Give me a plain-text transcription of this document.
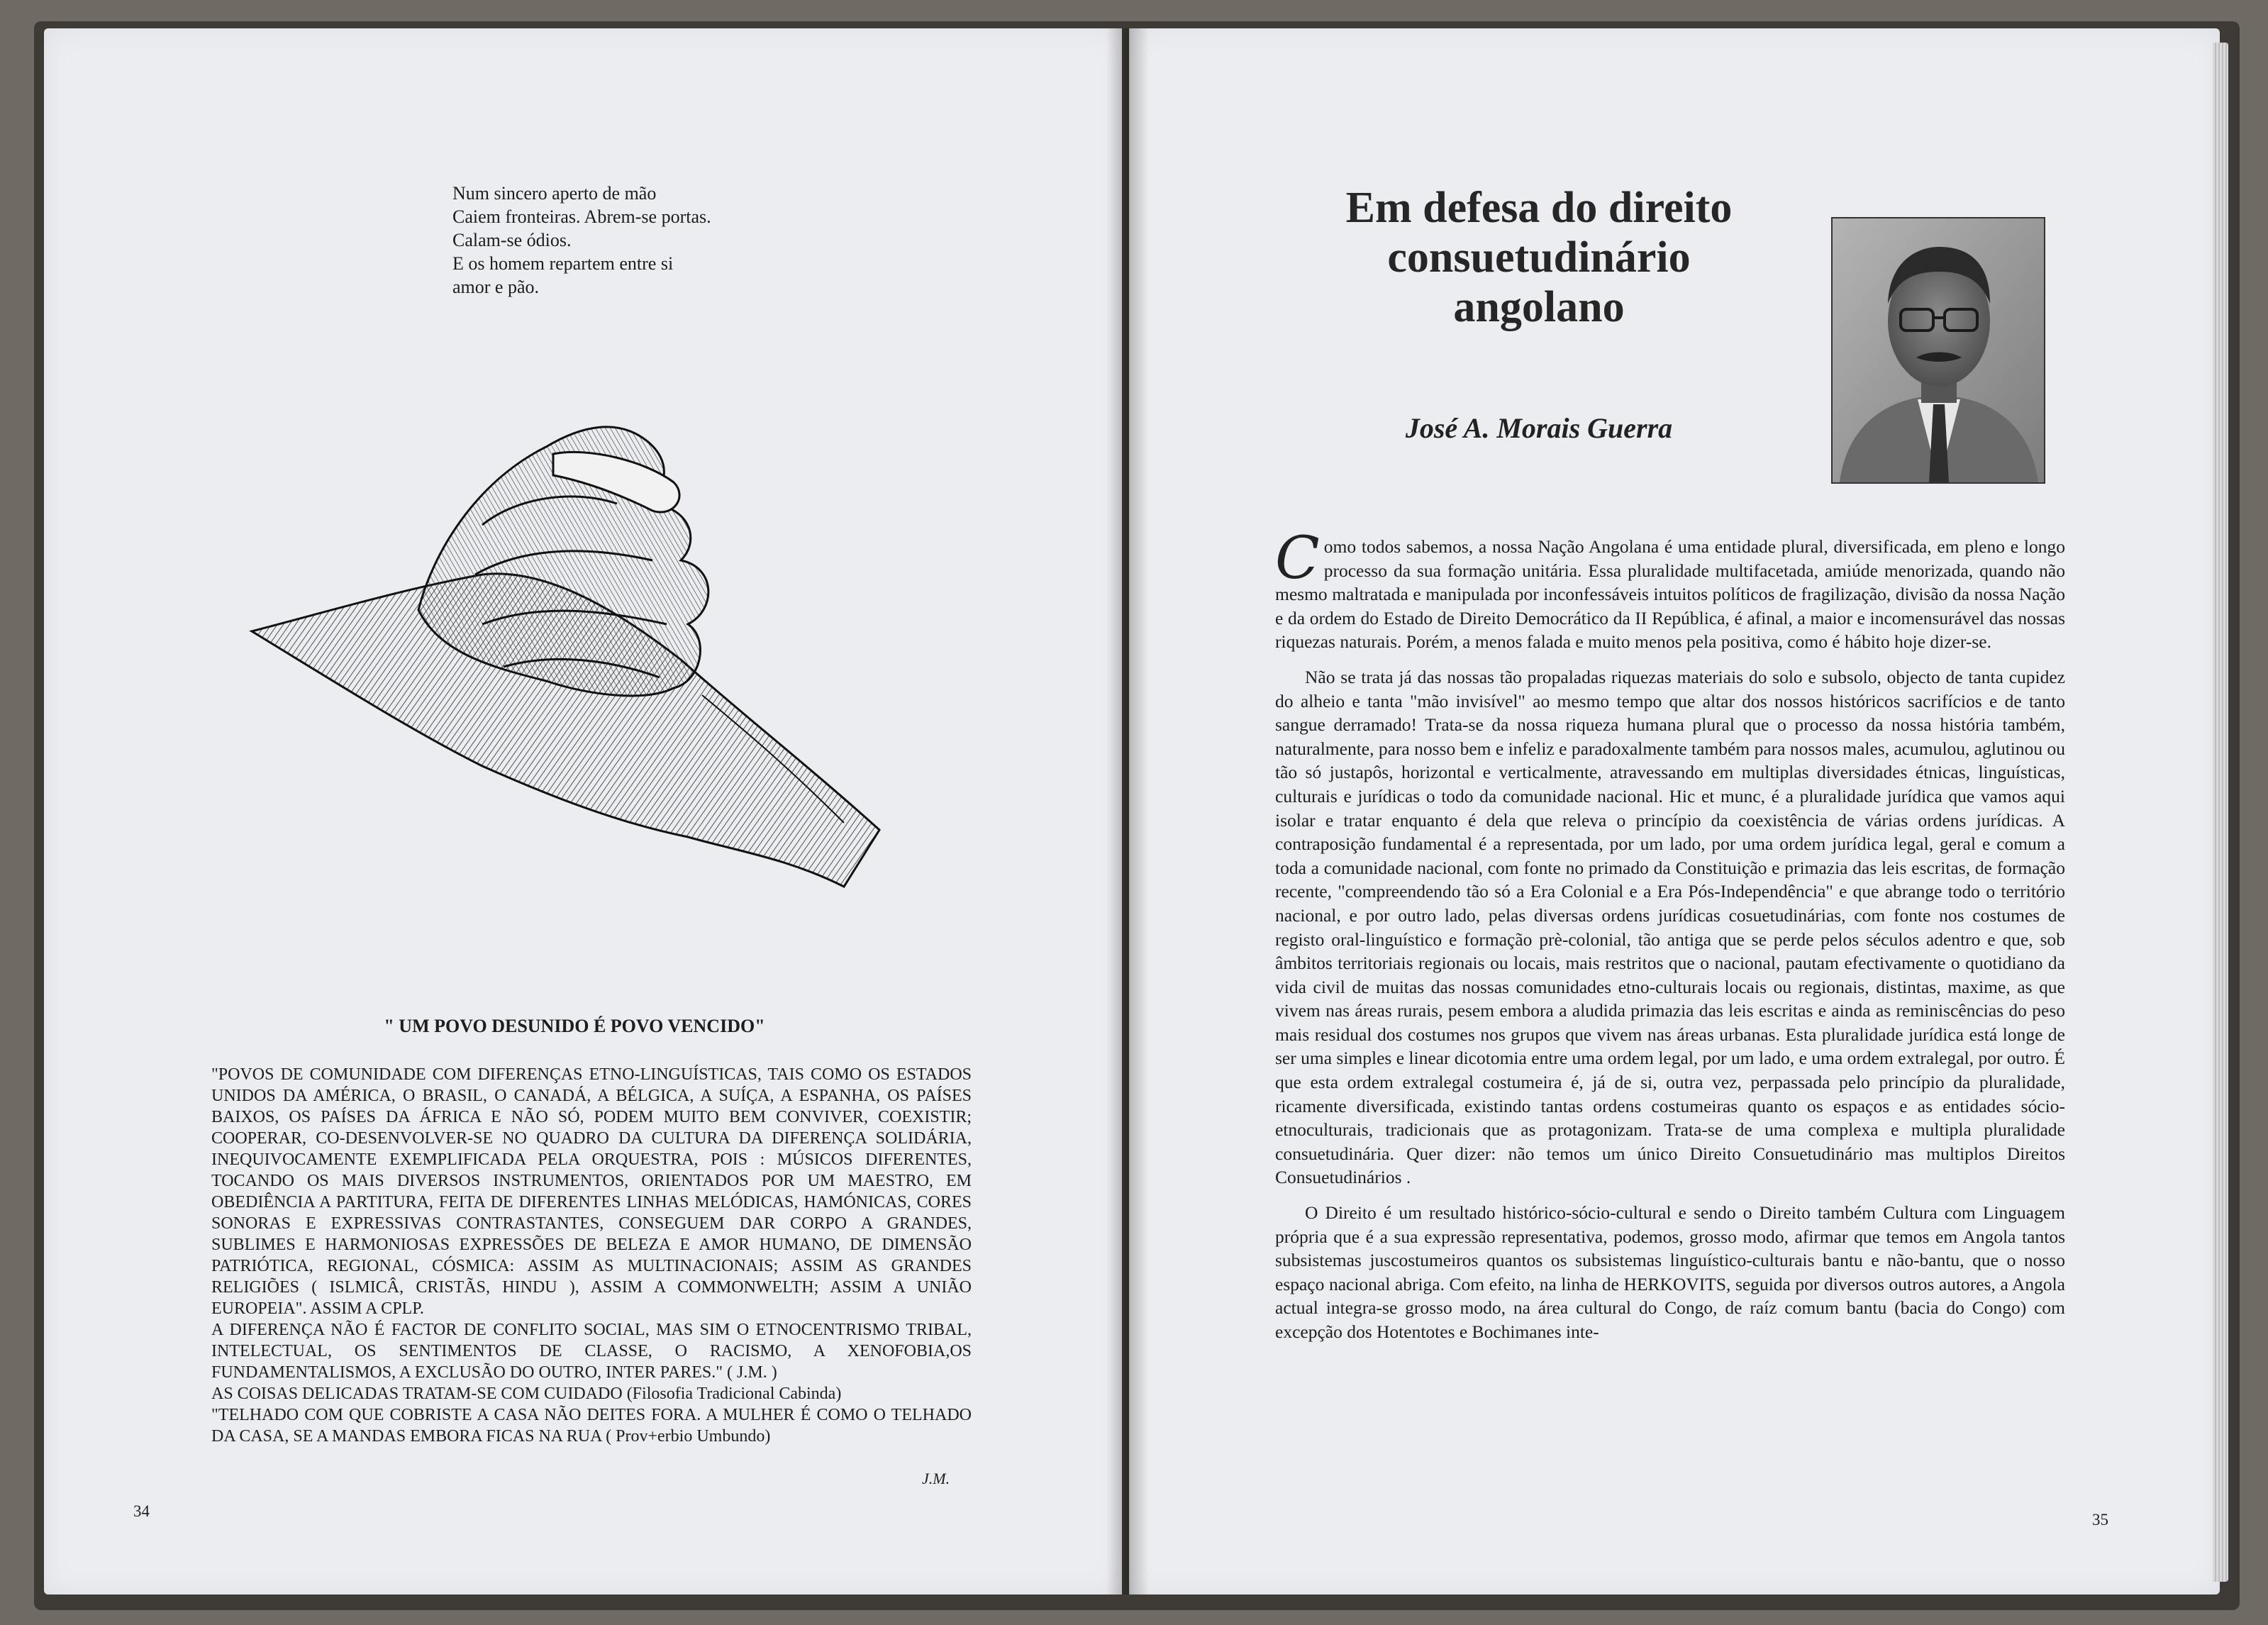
Num sincero aperto de mão
Caiem fronteiras. Abrem-se portas.
Calam-se ódios.
E os homem repartem entre si
amor e pão.
" UM POVO DESUNIDO É POVO VENCIDO"

"POVOS DE COMUNIDADE COM DIFERENÇAS ETNO-LINGUÍSTICAS, TAIS COMO OS ESTADOS UNIDOS DA AMÉRICA, O BRASIL, O CANADÁ, A BÉLGICA, A SUÍÇA, A ESPANHA, OS PAÍSES BAIXOS, OS PAÍSES DA ÁFRICA E NÃO SÓ, PODEM MUITO BEM CONVIVER, COEXISTIR; COOPERAR, CO-DESENVOLVER-SE NO QUADRO DA CULTURA DA DIFERENÇA SOLIDÁRIA, INEQUIVOCAMENTE EXEMPLIFICADA PELA ORQUESTRA, POIS : MÚSICOS DIFERENTES, TOCANDO OS MAIS DIVERSOS INSTRUMENTOS, ORIENTADOS POR UM MAESTRO, EM OBEDIÊNCIA A PARTITURA, FEITA DE DIFERENTES LINHAS MELÓDICAS, HAMÓNICAS, CORES SONORAS E EXPRESSIVAS CONTRASTANTES, CONSEGUEM DAR CORPO A GRANDES, SUBLIMES E HARMONIOSAS EXPRESSÕES DE BELEZA E AMOR HUMANO, DE DIMENSÃO PATRIÓTICA, REGIONAL, CÓSMICA: ASSIM AS MULTINACIONAIS; ASSIM AS GRANDES RELIGIÕES ( ISLMICÂ, CRISTÃS, HINDU ), ASSIM A COMMONWELTH; ASSIM A UNIÃO EUROPEIA". ASSIM A CPLP.

A DIFERENÇA NÃO É FACTOR DE CONFLITO SOCIAL, MAS SIM O ETNOCENTRISMO TRIBAL, INTELECTUAL, OS SENTIMENTOS DE CLASSE, O RACISMO, A XENOFOBIA,OS FUNDAMENTALISMOS, A EXCLUSÃO DO OUTRO, INTER PARES." ( J.M. )

AS COISAS DELICADAS TRATAM-SE COM CUIDADO (Filosofia Tradicional Cabinda)

"TELHADO COM QUE COBRISTE A CASA NÃO DEITES FORA. A MULHER É COMO O TELHADO DA CASA, SE A MANDAS EMBORA FICAS NA RUA ( Prov+erbio Umbundo)

J.M.
34
Em defesa do direito
consuetudinário
angolano
José A. Morais Guerra

Como todos sabemos, a nossa Nação Angolana é uma entidade plural, diversificada, em pleno e longo processo da sua formação unitária. Essa pluralidade multifacetada, amiúde menorizada, quando não mesmo maltratada e manipulada por inconfessáveis intuitos políticos de fragilização, divisão da nossa Nação e da ordem do Estado de Direito Democrático da II República, é afinal, a maior e incomensurável das nossas riquezas naturais. Porém, a menos falada e muito menos pela positiva, como é hábito hoje dizer-se.

Não se trata já das nossas tão propaladas riquezas materiais do solo e subsolo, objecto de tanta cupidez do alheio e tanta "mão invisível" ao mesmo tempo que altar dos nossos históricos sacrifícios e de tanto sangue derramado! Trata-se da nossa riqueza humana plural que o processo da nossa história também, naturalmente, para nosso bem e infeliz e paradoxalmente também para nossos males, acumulou, aglutinou ou tão só justapôs, horizontal e verticalmente, atravessando em multiplas diversidades étnicas, linguísticas, culturais e jurídicas o todo da comunidade nacional. Hic et munc, é a pluralidade jurídica que vamos aqui isolar e tratar enquanto é dela que releva o princípio da coexistência de várias ordens jurídicas. A contraposição fundamental é a representada, por um lado, por uma ordem jurídica legal, geral e comum a toda a comunidade nacional, com fonte no primado da Constituição e primazia das leis escritas, de formação recente, "compreendendo tão só a Era Colonial e a Era Pós-Independência" e que abrange todo o território nacional, e por outro lado, pelas diversas ordens jurídicas cosuetudinárias, com fonte nos costumes de registo oral-linguístico e formação prè-colonial, tão antiga que se perde pelos séculos adentro e que, sob âmbitos territoriais regionais ou locais, mais restritos que o nacional, pautam efectivamente o quotidiano da vida civil de muitas das nossas comunidades etno-culturais locais ou regionais, distintas, maxime, as que vivem nas áreas rurais, pesem embora a aludida primazia das leis escritas e ainda as reminiscências do peso mais residual dos costumes nos grupos que vivem nas áreas urbanas. Esta pluralidade jurídica está longe de ser uma simples e linear dicotomia entre uma ordem legal, por um lado, e uma ordem extralegal, por outro. É que esta ordem extralegal costumeira é, já de si, outra vez, perpassada pelo princípio da pluralidade, ricamente diversificada, existindo tantas ordens costumeiras quanto os espaços e as entidades sócio-etnoculturais, tradicionais que as protagonizam. Trata-se de uma complexa e multipla pluralidade consuetudinária. Quer dizer: não temos um único Direito Consuetudinário mas multiplos Direitos Consuetudinários .

O Direito é um resultado histórico-sócio-cultural e sendo o Direito também Cultura com Linguagem própria que é a sua expressão representativa, podemos, grosso modo, afirmar que temos em Angola tantos subsistemas juscostumeiros quantos os subsistemas linguístico-culturais bantu e não-bantu, que o nosso espaço nacional abriga. Com efeito, na linha de HERKOVITS, seguida por diversos outros autores, a Angola actual integra-se grosso modo, na área cultural do Congo, de raíz comum bantu (bacia do Congo) com excepção dos Hotentotes e Bochimanes inte-

35
